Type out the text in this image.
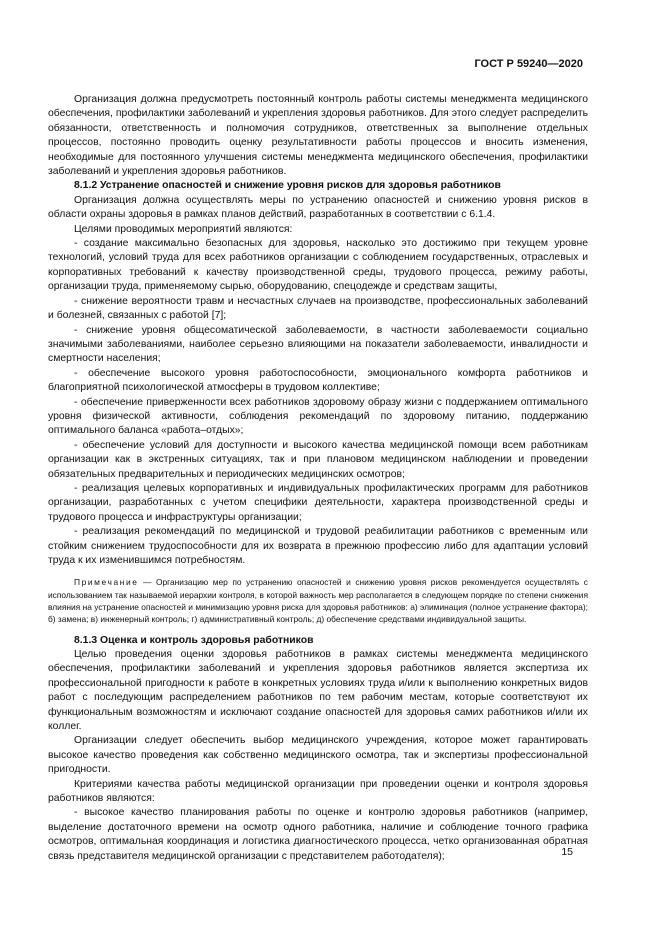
ГОСТ Р 59240—2020

Организация должна предусмотреть постоянный контроль работы системы менеджмента медицинского обеспечения, профилактики заболеваний и укрепления здоровья работников. Для этого следует распределить обязанности, ответственность и полномочия сотрудников, ответственных за выполнение отдельных процессов, постоянно проводить оценку результативности работы процессов и вносить изменения, необходимые для постоянного улучшения системы менеджмента медицинского обеспечения, профилактики заболеваний и укрепления здоровья работников.

8.1.2 Устранение опасностей и снижение уровня рисков для здоровья работников

Организация должна осуществлять меры по устранению опасностей и снижению уровня рисков в области охраны здоровья в рамках планов действий, разработанных в соответствии с 6.1.4.

Целями проводимых мероприятий являются:

- создание максимально безопасных для здоровья, насколько это достижимо при текущем уровне технологий, условий труда для всех работников организации с соблюдением государственных, отраслевых и корпоративных требований к качеству производственной среды, трудового процесса, режиму работы, организации труда, применяемому сырью, оборудованию, спецодежде и средствам защиты,

- снижение вероятности травм и несчастных случаев на производстве, профессиональных заболеваний и болезней, связанных с работой [7];

- снижение уровня общесоматической заболеваемости, в частности заболеваемости социально значимыми заболеваниями, наиболее серьезно влияющими на показатели заболеваемости, инвалидности и смертности населения;

- обеспечение высокого уровня работоспособности, эмоционального комфорта работников и благоприятной психологической атмосферы в трудовом коллективе;

- обеспечение приверженности всех работников здоровому образу жизни с поддержанием оптимального уровня физической активности, соблюдения рекомендаций по здоровому питанию, поддержанию оптимального баланса «работа–отдых»;

- обеспечение условий для доступности и высокого качества медицинской помощи всем работникам организации как в экстренных ситуациях, так и при плановом медицинском наблюдении и проведении обязательных предварительных и периодических медицинских осмотров;

- реализация целевых корпоративных и индивидуальных профилактических программ для работников организации, разработанных с учетом специфики деятельности, характера производственной среды и трудового процесса и инфраструктуры организации;

- реализация рекомендаций по медицинской и трудовой реабилитации работников с временным или стойким снижением трудоспособности для их возврата в прежнюю профессию либо для адаптации условий труда к их изменившимся потребностям.

Примечание — Организацию мер по устранению опасностей и снижению уровня рисков рекомендуется осуществлять с использованием так называемой иерархии контроля, в которой важность мер располагается в следующем порядке по степени снижения влияния на устранение опасностей и минимизацию уровня риска для здоровья работников: а) элиминация (полное устранение фактора); б) замена; в) инженерный контроль; г) административный контроль; д) обеспечение средствами индивидуальной защиты.

8.1.3 Оценка и контроль здоровья работников

Целью проведения оценки здоровья работников в рамках системы менеджмента медицинского обеспечения, профилактики заболеваний и укрепления здоровья работников является экспертиза их профессиональной пригодности к работе в конкретных условиях труда и/или к выполнению конкретных видов работ с последующим распределением работников по тем рабочим местам, которые соответствуют их функциональным возможностям и исключают создание опасностей для здоровья самих работников и/или их коллег.

Организации следует обеспечить выбор медицинского учреждения, которое может гарантировать высокое качество проведения как собственно медицинского осмотра, так и экспертизы профессиональной пригодности.

Критериями качества работы медицинской организации при проведении оценки и контроля здоровья работников являются:

- высокое качество планирования работы по оценке и контролю здоровья работников (например, выделение достаточного времени на осмотр одного работника, наличие и соблюдение точного графика осмотров, оптимальная координация и логистика диагностического процесса, четко организованная обратная связь представителя медицинской организации с представителем работодателя);	15
